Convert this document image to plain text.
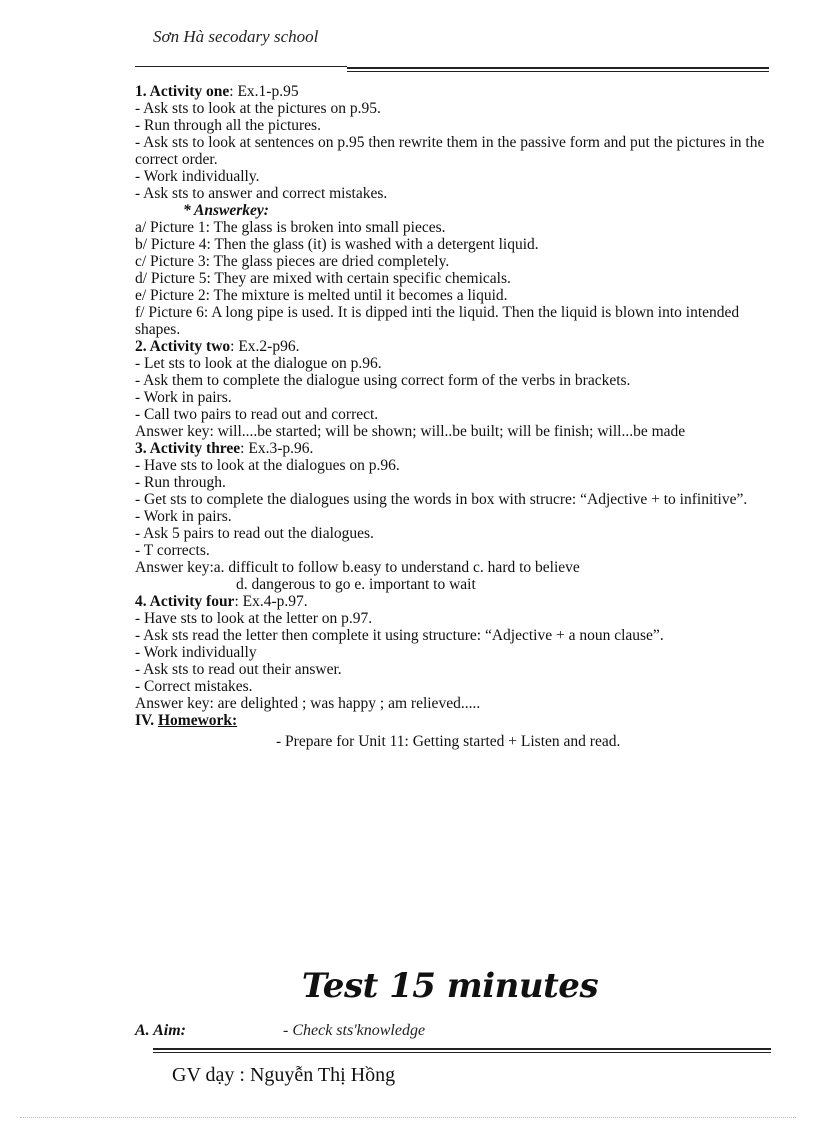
Sơn Hà secodary school
1. Activity one: Ex.1-p.95
- Ask sts to look at the pictures on p.95.
- Run through all the pictures.
- Ask sts to look at sentences on p.95 then rewrite them in the passive form and put the pictures in the correct order.
- Work individually.
- Ask sts to answer and correct mistakes.
* Answerkey:
a/ Picture 1: The glass is broken into small pieces.
b/ Picture 4: Then the glass (it) is washed with a detergent liquid.
c/ Picture 3: The glass pieces are dried completely.
d/ Picture 5: They are mixed with certain specific chemicals.
e/ Picture 2: The mixture is melted until it becomes a liquid.
f/ Picture 6: A long pipe is used. It is dipped inti the liquid. Then the liquid is blown into intended shapes.
2. Activity two: Ex.2-p96.
- Let sts to look at the dialogue on p.96.
- Ask them to complete the dialogue using correct form of the verbs in brackets.
- Work in pairs.
- Call two pairs to read out and correct.
Answer key: will....be started; will be shown; will..be built; will be finish; will...be made
3. Activity three: Ex.3-p.96.
- Have sts to look at the dialogues on p.96.
- Run through.
- Get sts to complete the dialogues using the words in box with strucre: “Adjective + to infinitive”.
- Work in pairs.
- Ask 5 pairs to read out the dialogues.
- T corrects.
Answer key:a. difficult to follow b.easy to understand c. hard to believe
d. dangerous to go e. important to wait
4. Activity four: Ex.4-p.97.
- Have sts to look at the letter on p.97.
- Ask sts read the letter then complete it using structure: “Adjective + a noun clause”.
- Work individually
- Ask sts to read out their answer.
- Correct mistakes.
Answer key: are delighted ; was happy ; am relieved.....
IV. Homework:
- Prepare for Unit 11: Getting started + Listen and read.
Test 15 minutes
A. Aim:	- Check sts'knowledge
GV dạy : Nguyễn Thị Hồng
